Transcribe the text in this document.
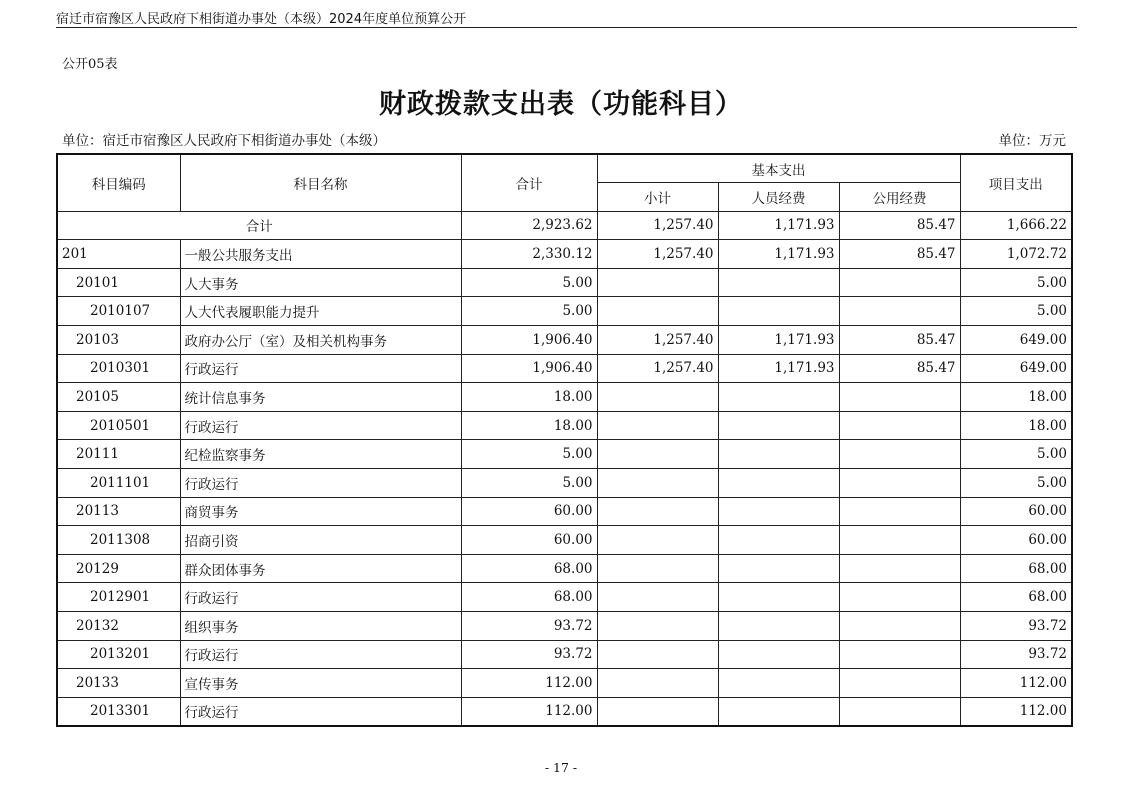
宿迁市宿豫区人民政府下相街道办事处（本级）2024年度单位预算公开
公开05表
财政拨款支出表（功能科目）
单位：宿迁市宿豫区人民政府下相街道办事处（本级）	单位：万元
科目编码	科目名称	合计	基本支出			项目支出
			小计	人员经费	公用经费	
合计		2,923.62	1,257.40	1,171.93	85.47	1,666.22
201	一般公共服务支出	2,330.12	1,257.40	1,171.93	85.47	1,072.72
20101	人大事务	5.00				5.00
2010107	人大代表履职能力提升	5.00				5.00
20103	政府办公厅（室）及相关机构事务	1,906.40	1,257.40	1,171.93	85.47	649.00
2010301	行政运行	1,906.40	1,257.40	1,171.93	85.47	649.00
20105	统计信息事务	18.00				18.00
2010501	行政运行	18.00				18.00
20111	纪检监察事务	5.00				5.00
2011101	行政运行	5.00				5.00
20113	商贸事务	60.00				60.00
2011308	招商引资	60.00				60.00
20129	群众团体事务	68.00				68.00
2012901	行政运行	68.00				68.00
20132	组织事务	93.72				93.72
2013201	行政运行	93.72				93.72
20133	宣传事务	112.00				112.00
2013301	行政运行	112.00				112.00
- 17 -
